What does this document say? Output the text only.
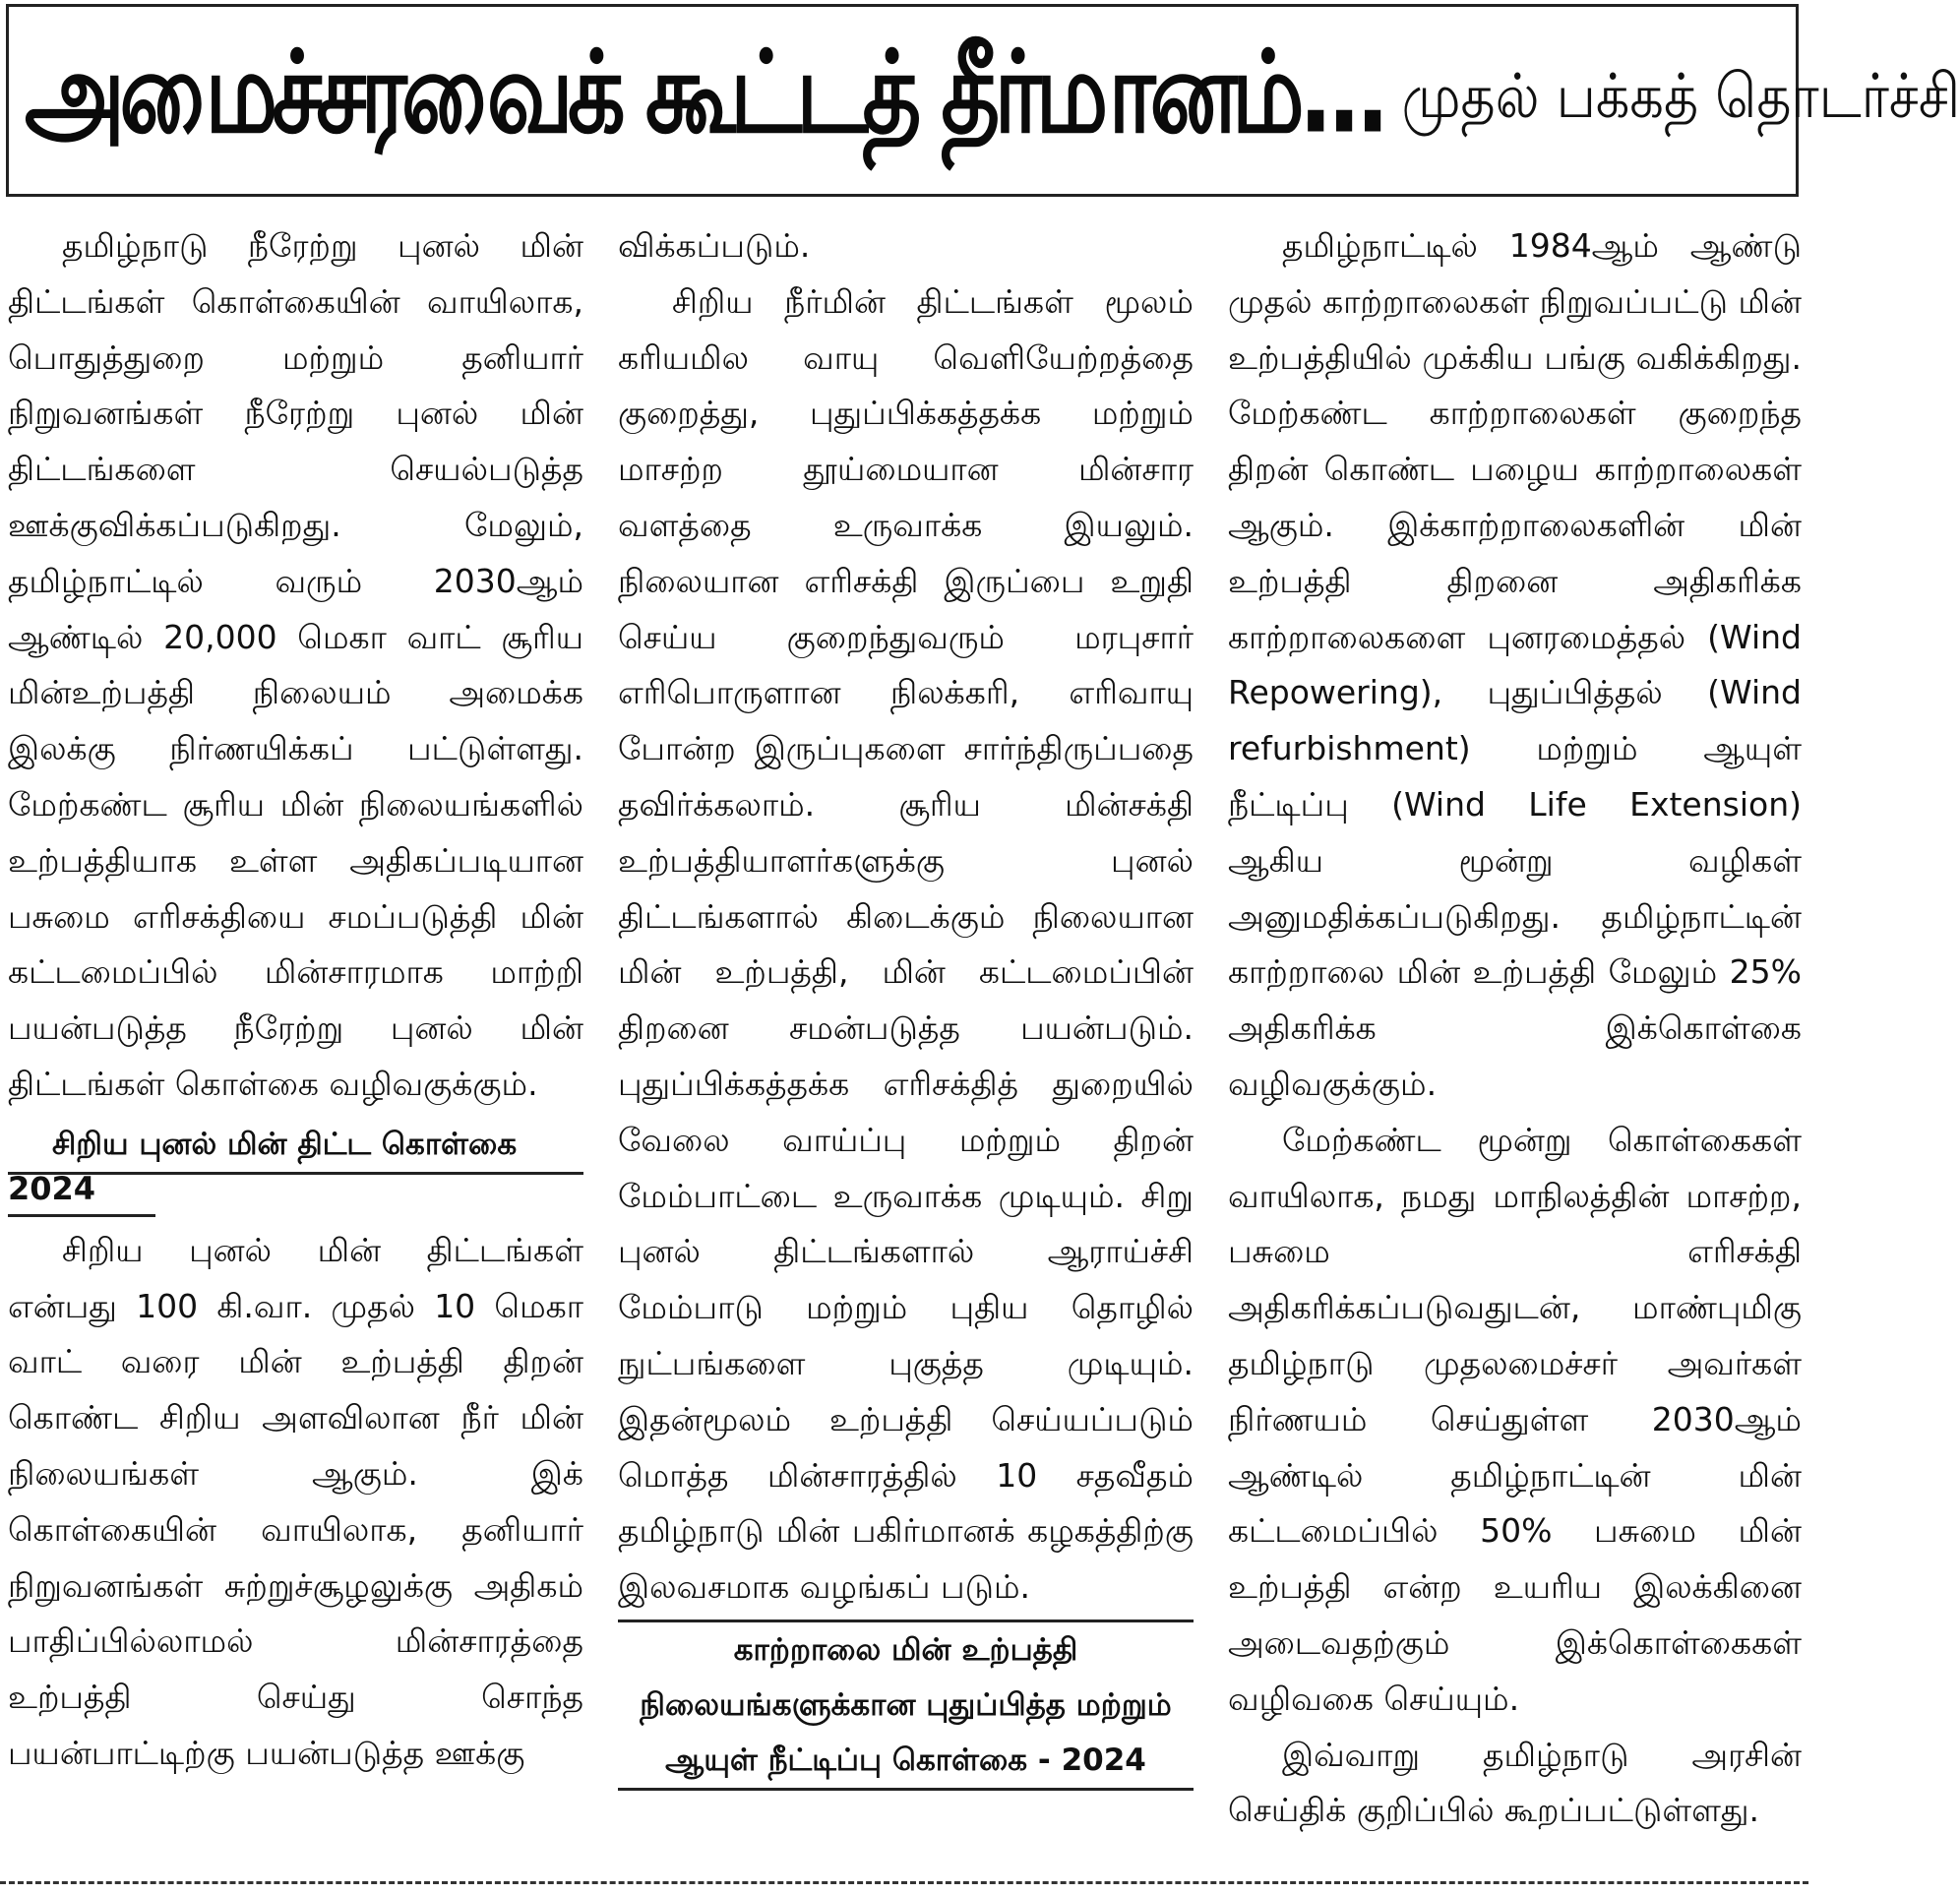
அமைச்சரவைக் கூட்டத் தீர்மானம்... முதல் பக்கத் தொடர்ச்சி

தமிழ்நாடு நீரேற்று புனல் மின் திட்டங்கள் கொள்கையின் வாயிலாக, பொதுத்துறை மற்றும் தனியார் நிறுவனங்கள் நீரேற்று புனல் மின் திட்டங்களை செயல்படுத்த ஊக்குவிக்கப்படுகிறது. மேலும், தமிழ்நாட்டில் வரும் 2030ஆம் ஆண்டில் 20,000 மெகா வாட் சூரிய மின்உற்பத்தி நிலையம் அமைக்க இலக்கு நிர்ணயிக்கப் பட்டுள்ளது. மேற்கண்ட சூரிய மின் நிலையங்களில் உற்பத்தியாக உள்ள அதிகப்படியான பசுமை எரிசக்தியை சமப்படுத்தி மின் கட்டமைப்பில் மின்சாரமாக மாற்றி பயன்படுத்த நீரேற்று புனல் மின் திட்டங்கள் கொள்கை வழிவகுக்கும்.

சிறிய புனல் மின் திட்ட கொள்கை
2024

சிறிய புனல் மின் திட்டங்கள் என்பது 100 கி.வா. முதல் 10 மெகா வாட் வரை மின் உற்பத்தி திறன் கொண்ட சிறிய அளவிலான நீர் மின் நிலையங்கள் ஆகும். இக் கொள்கையின் வாயிலாக, தனியார் நிறுவனங்கள் சுற்றுச்சூழலுக்கு அதிகம் பாதிப்பில்லாமல் மின்சாரத்தை உற்பத்தி செய்து சொந்த பயன்பாட்டிற்கு பயன்படுத்த ஊக்கு

விக்கப்படும்.

சிறிய நீர்மின் திட்டங்கள் மூலம் கரியமில வாயு வெளியேற்றத்தை குறைத்து, புதுப்பிக்கத்தக்க மற்றும் மாசற்ற தூய்மையான மின்சார வளத்தை உருவாக்க இயலும். நிலையான எரிசக்தி இருப்பை உறுதி செய்ய குறைந்துவரும் மரபுசார் எரிபொருளான நிலக்கரி, எரிவாயு போன்ற இருப்புகளை சார்ந்திருப்பதை தவிர்க்கலாம். சூரிய மின்சக்தி உற்பத்தியாளர்களுக்கு புனல் திட்டங்களால் கிடைக்கும் நிலையான மின் உற்பத்தி, மின் கட்டமைப்பின் திறனை சமன்படுத்த பயன்படும். புதுப்பிக்கத்தக்க எரிசக்தித் துறையில் வேலை வாய்ப்பு மற்றும் திறன் மேம்பாட்டை உருவாக்க முடியும். சிறு புனல் திட்டங்களால் ஆராய்ச்சி மேம்பாடு மற்றும் புதிய தொழில் நுட்பங்களை புகுத்த முடியும். இதன்மூலம் உற்பத்தி செய்யப்படும் மொத்த மின்சாரத்தில் 10 சதவீதம் தமிழ்நாடு மின் பகிர்மானக் கழகத்திற்கு இலவசமாக வழங்கப் படும்.

காற்றாலை மின் உற்பத்தி நிலையங்களுக்கான புதுப்பித்த மற்றும் ஆயுள் நீட்டிப்பு கொள்கை - 2024

தமிழ்நாட்டில் 1984ஆம் ஆண்டு முதல் காற்றாலைகள் நிறுவப்பட்டு மின் உற்பத்தியில் முக்கிய பங்கு வகிக்கிறது. மேற்கண்ட காற்றாலைகள் குறைந்த திறன் கொண்ட பழைய காற்றாலைகள் ஆகும். இக்காற்றாலைகளின் மின் உற்பத்தி திறனை அதிகரிக்க காற்றாலைகளை புனரமைத்தல் (Wind Repowering), புதுப்பித்தல் (Wind refurbishment) மற்றும் ஆயுள் நீட்டிப்பு (Wind Life Extension) ஆகிய மூன்று வழிகள் அனுமதிக்கப்படுகிறது. தமிழ்நாட்டின் காற்றாலை மின் உற்பத்தி மேலும் 25% அதிகரிக்க இக்கொள்கை வழிவகுக்கும்.

மேற்கண்ட மூன்று கொள்கைகள் வாயிலாக, நமது மாநிலத்தின் மாசற்ற, பசுமை எரிசக்தி அதிகரிக்கப்படுவதுடன், மாண்புமிகு தமிழ்நாடு முதலமைச்சர் அவர்கள் நிர்ணயம் செய்துள்ள 2030ஆம் ஆண்டில் தமிழ்நாட்டின் மின் கட்டமைப்பில் 50% பசுமை மின் உற்பத்தி என்ற உயரிய இலக்கினை அடைவதற்கும் இக்கொள்கைகள் வழிவகை செய்யும்.

இவ்வாறு தமிழ்நாடு அரசின் செய்திக் குறிப்பில் கூறப்பட்டுள்ளது.
